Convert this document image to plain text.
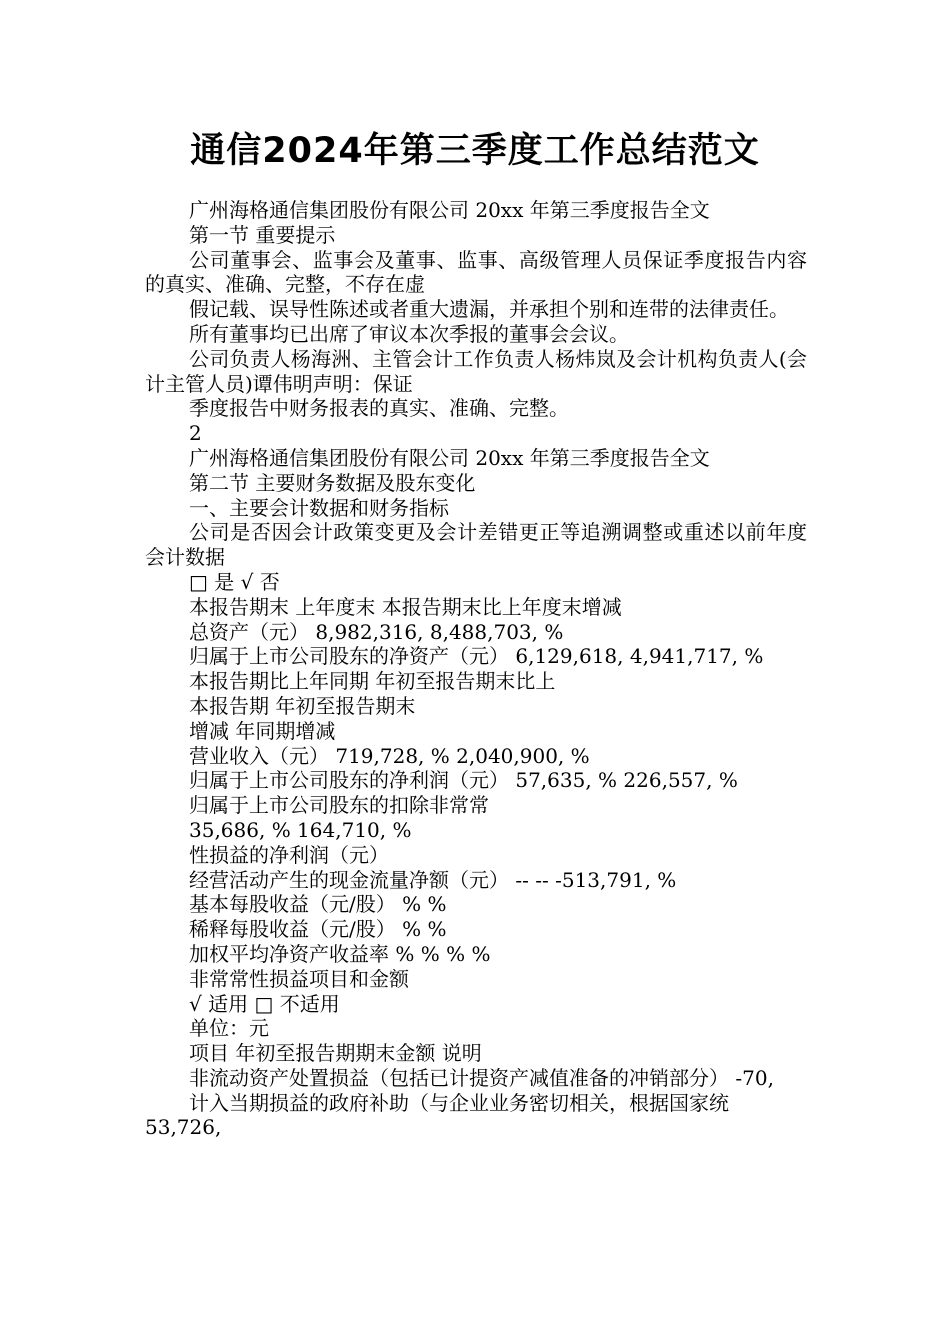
通信2024年第三季度工作总结范文

广州海格通信集团股份有限公司 20xx 年第三季度报告全文

第一节 重要提示

公司董事会、监事会及董事、监事、高级管理人员保证季度报告内容的真实、准确、完整，不存在虚

假记载、误导性陈述或者重大遗漏，并承担个别和连带的法律责任。

所有董事均已出席了审议本次季报的董事会会议。

公司负责人杨海洲、主管会计工作负责人杨炜岚及会计机构负责人(会计主管人员)谭伟明声明：保证

季度报告中财务报表的真实、准确、完整。

2

广州海格通信集团股份有限公司 20xx 年第三季度报告全文

第二节 主要财务数据及股东变化

一、主要会计数据和财务指标

公司是否因会计政策变更及会计差错更正等追溯调整或重述以前年度会计数据

□ 是 √ 否

本报告期末 上年度末 本报告期末比上年度末增减

总资产（元） 8,982,316, 8,488,703, %

归属于上市公司股东的净资产（元） 6,129,618, 4,941,717, %

本报告期比上年同期 年初至报告期末比上

本报告期 年初至报告期末

增减 年同期增减

营业收入（元） 719,728, % 2,040,900, %

归属于上市公司股东的净利润（元） 57,635, % 226,557, %

归属于上市公司股东的扣除非常常

35,686, % 164,710, %

性损益的净利润（元）

经营活动产生的现金流量净额（元） -- -- -513,791, %

基本每股收益（元/股） % %

稀释每股收益（元/股） % %

加权平均净资产收益率 % % % %

非常常性损益项目和金额

√ 适用 □ 不适用

单位：元

项目 年初至报告期期末金额 说明

非流动资产处置损益（包括已计提资产减值准备的冲销部分） -70,

计入当期损益的政府补助（与企业业务密切相关，根据国家统

53,726,
